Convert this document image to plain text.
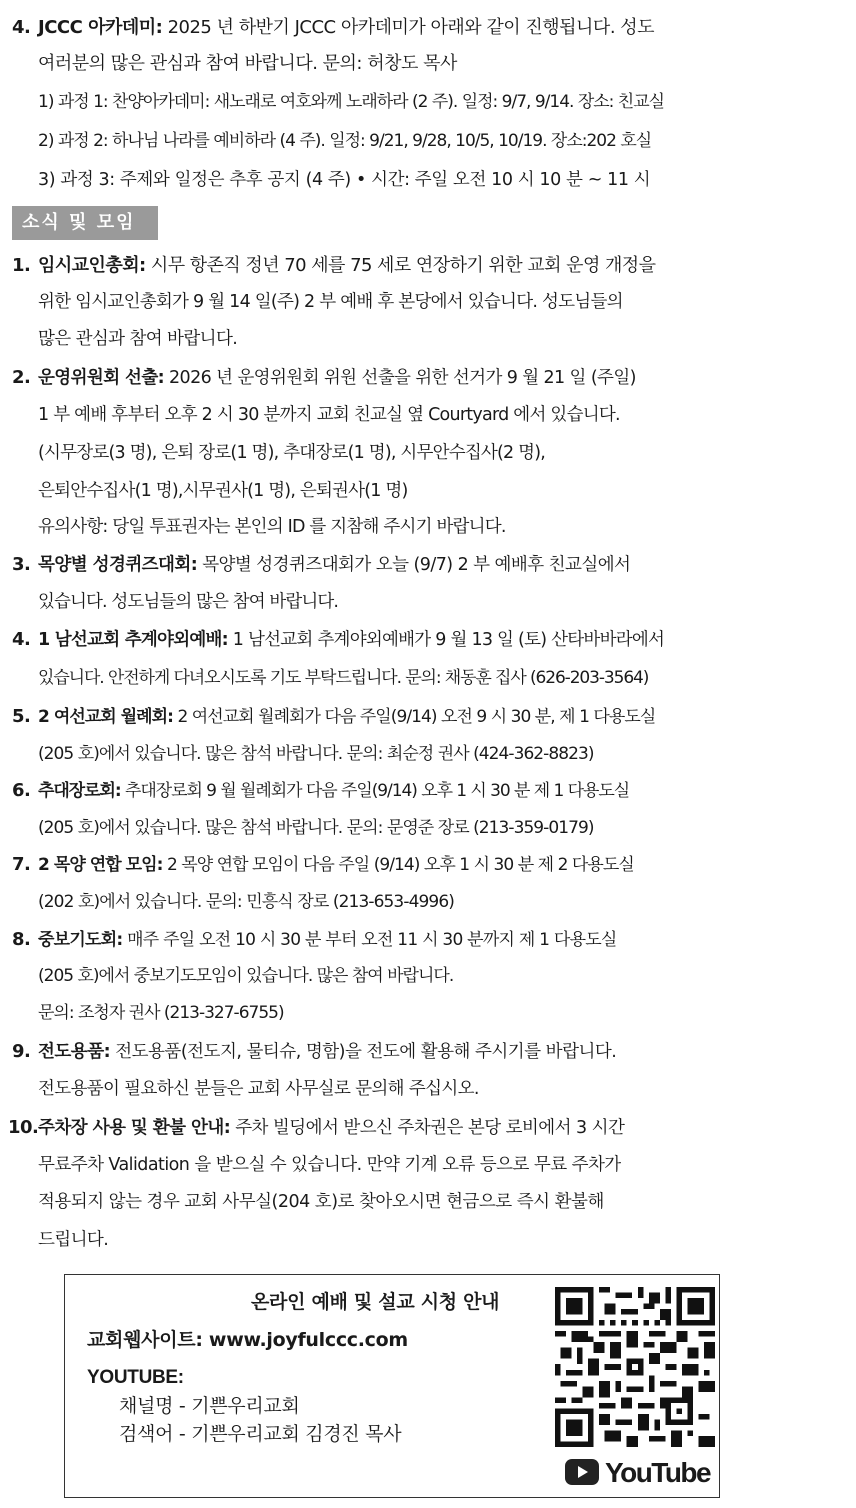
4. JCCC 아카데미: 2025 년 하반기 JCCC 아카데미가 아래와 같이 진행됩니다. 성도
여러분의 많은 관심과 참여 바랍니다. 문의: 허창도 목사
1) 과정 1: 찬양아카데미: 새노래로 여호와께 노래하라 (2 주). 일정: 9/7, 9/14. 장소: 친교실
2) 과정 2: 하나님 나라를 예비하라 (4 주). 일정: 9/21, 9/28, 10/5, 10/19. 장소:202 호실
3) 과정 3: 주제와 일정은 추후 공지 (4 주) • 시간: 주일 오전 10 시 10 분 ~ 11 시
소식 및 모임
1. 임시교인총회: 시무 항존직 정년 70 세를 75 세로 연장하기 위한 교회 운영 개정을
위한 임시교인총회가 9 월 14 일(주) 2 부 예배 후 본당에서 있습니다. 성도님들의
많은 관심과 참여 바랍니다.
2. 운영위원회 선출: 2026 년 운영위원회 위원 선출을 위한 선거가 9 월 21 일 (주일)
1 부 예배 후부터 오후 2 시 30 분까지 교회 친교실 옆 Courtyard 에서 있습니다.
(시무장로(3 명), 은퇴 장로(1 명), 추대장로(1 명), 시무안수집사(2 명),
은퇴안수집사(1 명),시무권사(1 명), 은퇴권사(1 명)
유의사항: 당일 투표권자는 본인의 ID 를 지참해 주시기 바랍니다.
3. 목양별 성경퀴즈대회: 목양별 성경퀴즈대회가 오늘 (9/7) 2 부 예배후 친교실에서
있습니다. 성도님들의 많은 참여 바랍니다.
4. 1 남선교회 추계야외예배: 1 남선교회 추계야외예배가 9 월 13 일 (토) 산타바바라에서
있습니다. 안전하게 다녀오시도록 기도 부탁드립니다. 문의: 채동훈 집사 (626-203-3564)
5. 2 여선교회 월례회: 2 여선교회 월례회가 다음 주일(9/14) 오전 9 시 30 분, 제 1 다용도실
(205 호)에서 있습니다. 많은 참석 바랍니다. 문의: 최순정 권사 (424-362-8823)
6. 추대장로회: 추대장로회 9 월 월례회가 다음 주일(9/14) 오후 1 시 30 분 제 1 다용도실
(205 호)에서 있습니다. 많은 참석 바랍니다. 문의: 문영준 장로 (213-359-0179)
7. 2 목양 연합 모임: 2 목양 연합 모임이 다음 주일 (9/14) 오후 1 시 30 분 제 2 다용도실
(202 호)에서 있습니다. 문의: 민흥식 장로 (213-653-4996)
8. 중보기도회: 매주 주일 오전 10 시 30 분 부터 오전 11 시 30 분까지 제 1 다용도실
(205 호)에서 중보기도모임이 있습니다. 많은 참여 바랍니다.
문의: 조청자 권사 (213-327-6755)
9. 전도용품: 전도용품(전도지, 물티슈, 명함)을 전도에 활용해 주시기를 바랍니다.
전도용품이 필요하신 분들은 교회 사무실로 문의해 주십시오.
10. 주차장 사용 및 환불 안내: 주차 빌딩에서 받으신 주차권은 본당 로비에서 3 시간
무료주차 Validation 을 받으실 수 있습니다. 만약 기계 오류 등으로 무료 주차가
적용되지 않는 경우 교회 사무실(204 호)로 찾아오시면 현금으로 즉시 환불해
드립니다.
온라인 예배 및 설교 시청 안내
교회웹사이트: www.joyfulccc.com
YOUTUBE:
채널명 - 기쁜우리교회
검색어 - 기쁜우리교회 김경진 목사
YouTube
